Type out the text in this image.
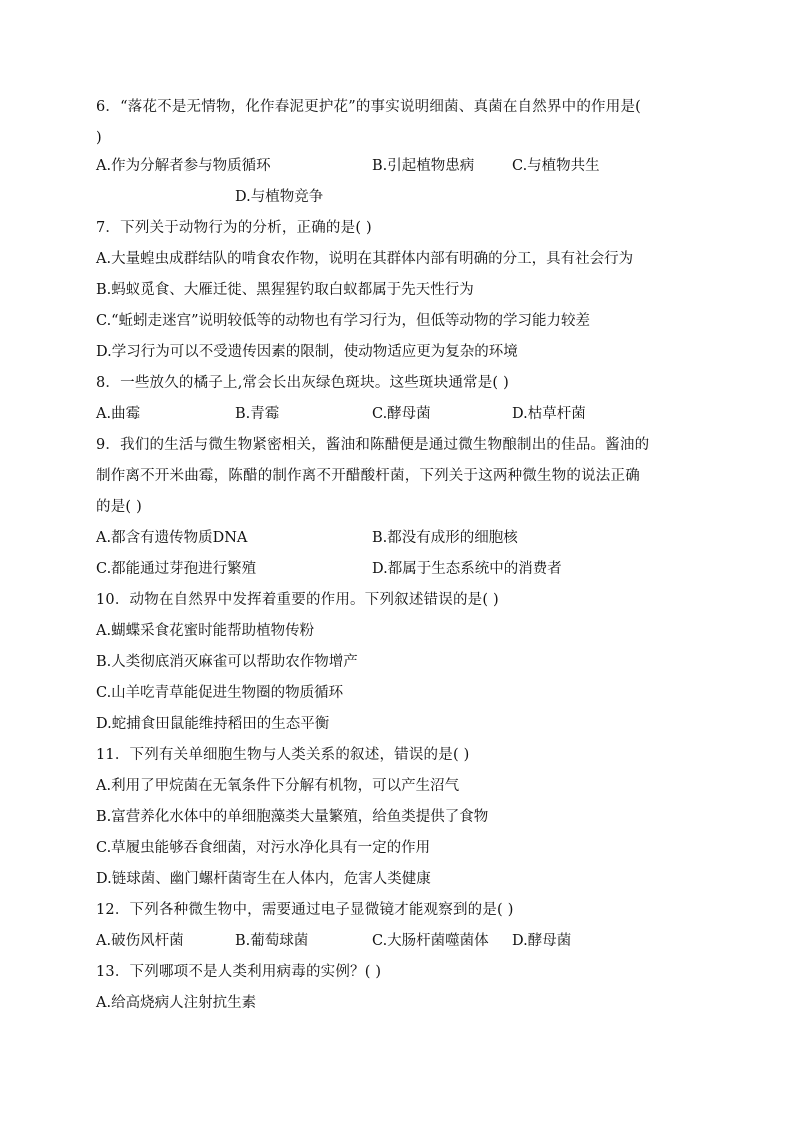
6．“落花不是无情物，化作春泥更护花”的事实说明细菌、真菌在自然界中的作用是(
)
A.作为分解者参与物质循环	B.引起植物患病	C.与植物共生
D.与植物竞争
7．下列关于动物行为的分析，正确的是( )
A.大量蝗虫成群结队的啃食农作物，说明在其群体内部有明确的分工，具有社会行为
B.蚂蚁觅食、大雁迁徙、黑猩猩钓取白蚁都属于先天性行为
C.“蚯蚓走迷宫”说明较低等的动物也有学习行为，但低等动物的学习能力较差
D.学习行为可以不受遗传因素的限制，使动物适应更为复杂的环境
8．一些放久的橘子上,常会长出灰绿色斑块。这些斑块通常是( )
A.曲霉	B.青霉	C.酵母菌	D.枯草杆菌
9．我们的生活与微生物紧密相关，酱油和陈醋便是通过微生物酿制出的佳品。酱油的
制作离不开米曲霉，陈醋的制作离不开醋酸杆菌，下列关于这两种微生物的说法正确
的是( )
A.都含有遗传物质DNA	B.都没有成形的细胞核
C.都能通过芽孢进行繁殖	D.都属于生态系统中的消费者
10．动物在自然界中发挥着重要的作用。下列叙述错误的是( )
A.蝴蝶采食花蜜时能帮助植物传粉
B.人类彻底消灭麻雀可以帮助农作物增产
C.山羊吃青草能促进生物圈的物质循环
D.蛇捕食田鼠能维持稻田的生态平衡
11．下列有关单细胞生物与人类关系的叙述，错误的是( )
A.利用了甲烷菌在无氧条件下分解有机物，可以产生沼气
B.富营养化水体中的单细胞藻类大量繁殖，给鱼类提供了食物
C.草履虫能够吞食细菌，对污水净化具有一定的作用
D.链球菌、幽门螺杆菌寄生在人体内，危害人类健康
12．下列各种微生物中，需要通过电子显微镜才能观察到的是( )
A.破伤风杆菌	B.葡萄球菌	C.大肠杆菌噬菌体 D.酵母菌
13．下列哪项不是人类利用病毒的实例？( )
A.给高烧病人注射抗生素
